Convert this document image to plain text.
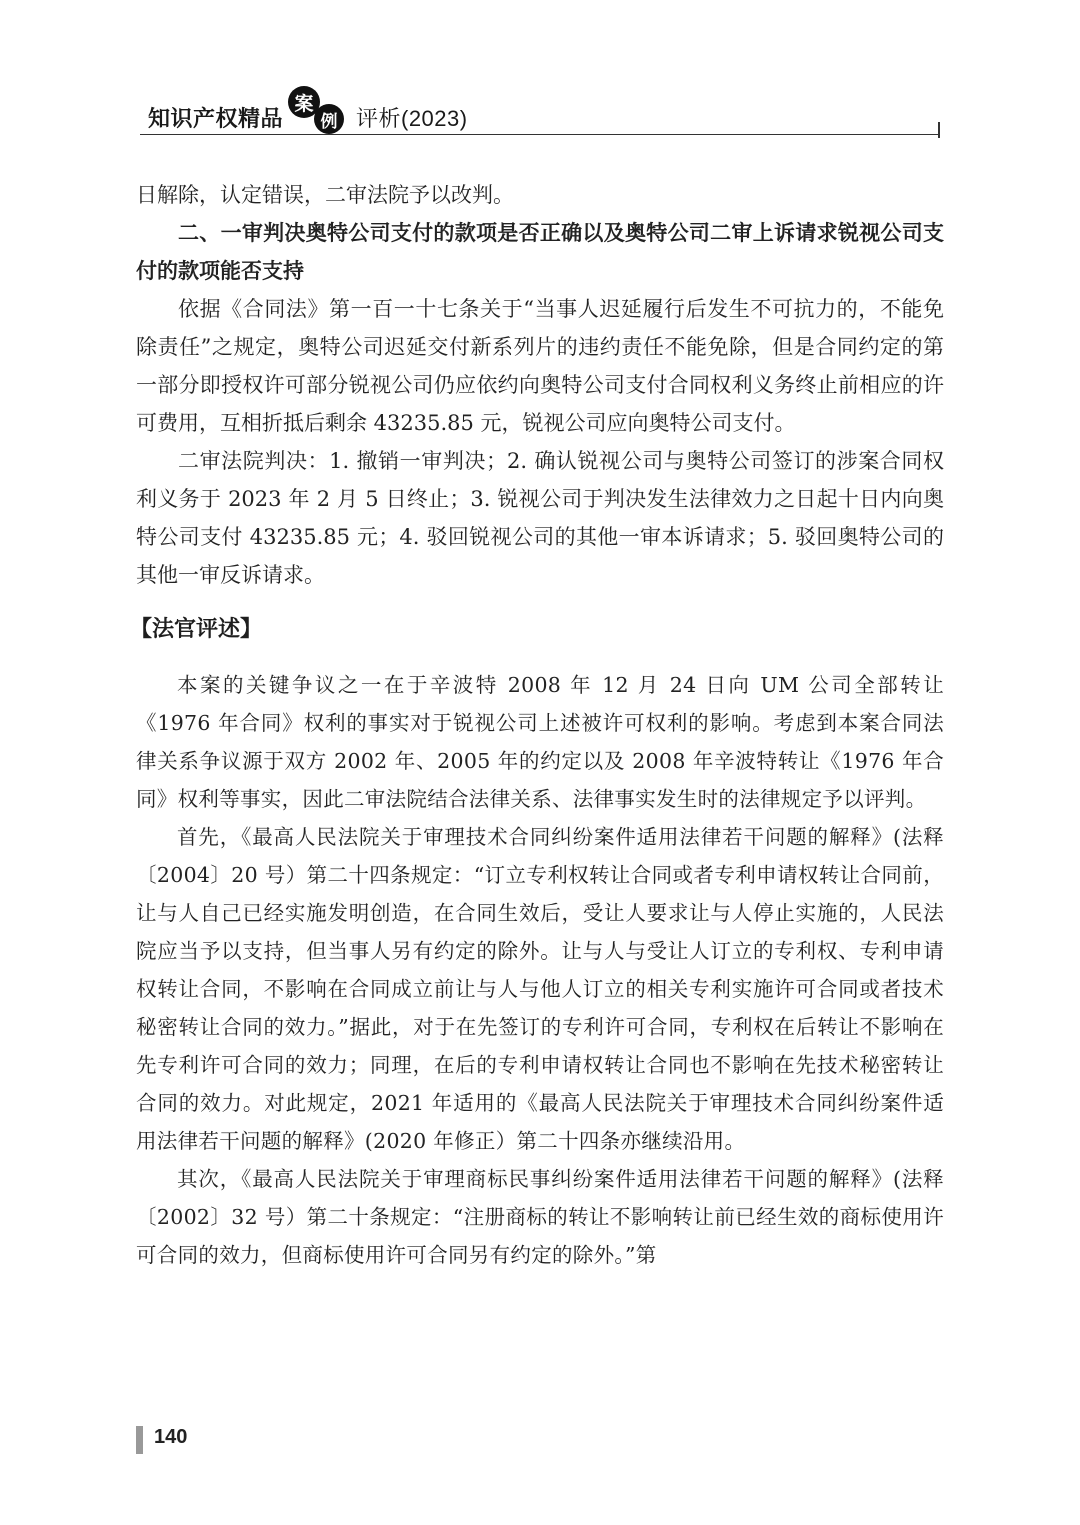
知识产权精品
案
例 评析(2023)

日解除，认定错误，二审法院予以改判。

二、一审判决奥特公司支付的款项是否正确以及奥特公司二审上诉请求锐视公司支付的款项能否支持

依据《合同法》第一百一十七条关于“当事人迟延履行后发生不可抗力的，不能免除责任”之规定，奥特公司迟延交付新系列片的违约责任不能免除，但是合同约定的第一部分即授权许可部分锐视公司仍应依约向奥特公司支付合同权利义务终止前相应的许可费用，互相折抵后剩余 43235.85 元，锐视公司应向奥特公司支付。

二审法院判决：1. 撤销一审判决；2. 确认锐视公司与奥特公司签订的涉案合同权利义务于 2023 年 2 月 5 日终止；3. 锐视公司于判决发生法律效力之日起十日内向奥特公司支付 43235.85 元；4. 驳回锐视公司的其他一审本诉请求；5. 驳回奥特公司的其他一审反诉请求。

【法官评述】

本案的关键争议之一在于辛波特 2008 年 12 月 24 日向 UM 公司全部转让《1976 年合同》权利的事实对于锐视公司上述被许可权利的影响。考虑到本案合同法律关系争议源于双方 2002 年、2005 年的约定以及 2008 年辛波特转让《1976 年合同》权利等事实，因此二审法院结合法律关系、法律事实发生时的法律规定予以评判。

首先，《最高人民法院关于审理技术合同纠纷案件适用法律若干问题的解释》(法释〔2004〕20 号）第二十四条规定：“订立专利权转让合同或者专利申请权转让合同前，让与人自己已经实施发明创造，在合同生效后，受让人要求让与人停止实施的，人民法院应当予以支持，但当事人另有约定的除外。让与人与受让人订立的专利权、专利申请权转让合同，不影响在合同成立前让与人与他人订立的相关专利实施许可合同或者技术秘密转让合同的效力。”据此，对于在先签订的专利许可合同，专利权在后转让不影响在先专利许可合同的效力；同理，在后的专利申请权转让合同也不影响在先技术秘密转让合同的效力。对此规定，2021 年适用的《最高人民法院关于审理技术合同纠纷案件适用法律若干问题的解释》(2020 年修正）第二十四条亦继续沿用。

其次，《最高人民法院关于审理商标民事纠纷案件适用法律若干问题的解释》(法释〔2002〕32 号）第二十条规定：“注册商标的转让不影响转让前已经生效的商标使用许可合同的效力，但商标使用许可合同另有约定的除外。”第

140
